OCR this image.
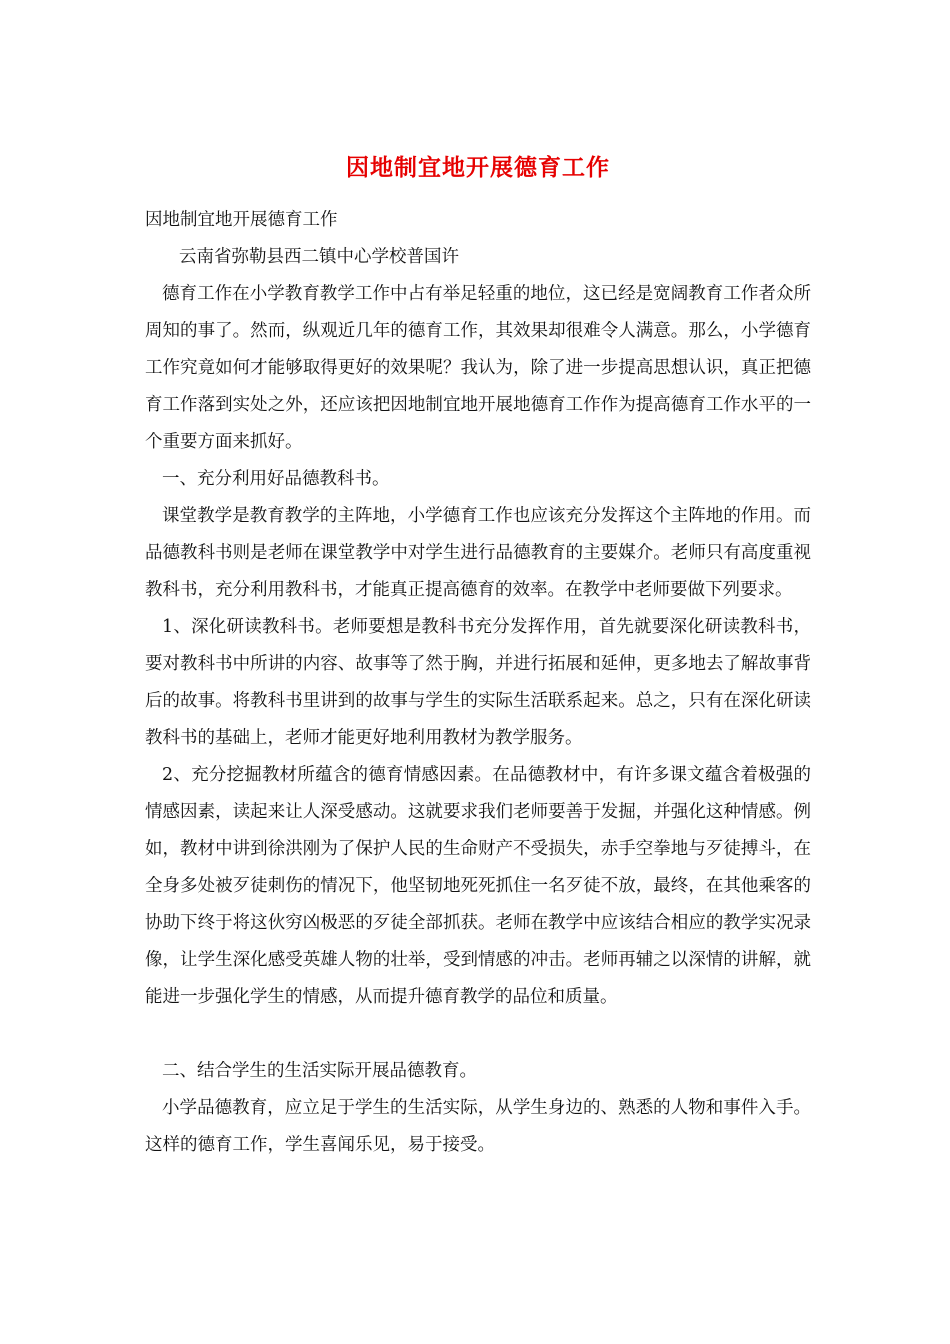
因地制宜地开展德育工作

因地制宜地开展德育工作

云南省弥勒县西二镇中心学校普国许

德育工作在小学教育教学工作中占有举足轻重的地位，这已经是宽阔教育工作者众所周知的事了。然而，纵观近几年的德育工作，其效果却很难令人满意。那么，小学德育工作究竟如何才能够取得更好的效果呢？我认为，除了进一步提高思想认识，真正把德育工作落到实处之外，还应该把因地制宜地开展地德育工作作为提高德育工作水平的一个重要方面来抓好。

一、充分利用好品德教科书。

课堂教学是教育教学的主阵地，小学德育工作也应该充分发挥这个主阵地的作用。而品德教科书则是老师在课堂教学中对学生进行品德教育的主要媒介。老师只有高度重视教科书，充分利用教科书，才能真正提高德育的效率。在教学中老师要做下列要求。

1、深化研读教科书。老师要想是教科书充分发挥作用，首先就要深化研读教科书，要对教科书中所讲的内容、故事等了然于胸，并进行拓展和延伸，更多地去了解故事背后的故事。将教科书里讲到的故事与学生的实际生活联系起来。总之，只有在深化研读教科书的基础上，老师才能更好地利用教材为教学服务。

2、充分挖掘教材所蕴含的德育情感因素。在品德教材中，有许多课文蕴含着极强的情感因素，读起来让人深受感动。这就要求我们老师要善于发掘，并强化这种情感。例如，教材中讲到徐洪刚为了保护人民的生命财产不受损失，赤手空拳地与歹徒搏斗，在全身多处被歹徒刺伤的情况下，他坚韧地死死抓住一名歹徒不放，最终，在其他乘客的协助下终于将这伙穷凶极恶的歹徒全部抓获。老师在教学中应该结合相应的教学实况录像，让学生深化感受英雄人物的壮举，受到情感的冲击。老师再辅之以深情的讲解，就能进一步强化学生的情感，从而提升德育教学的品位和质量。

二、结合学生的生活实际开展品德教育。

小学品德教育，应立足于学生的生活实际，从学生身边的、熟悉的人物和事件入手。这样的德育工作，学生喜闻乐见，易于接受。
